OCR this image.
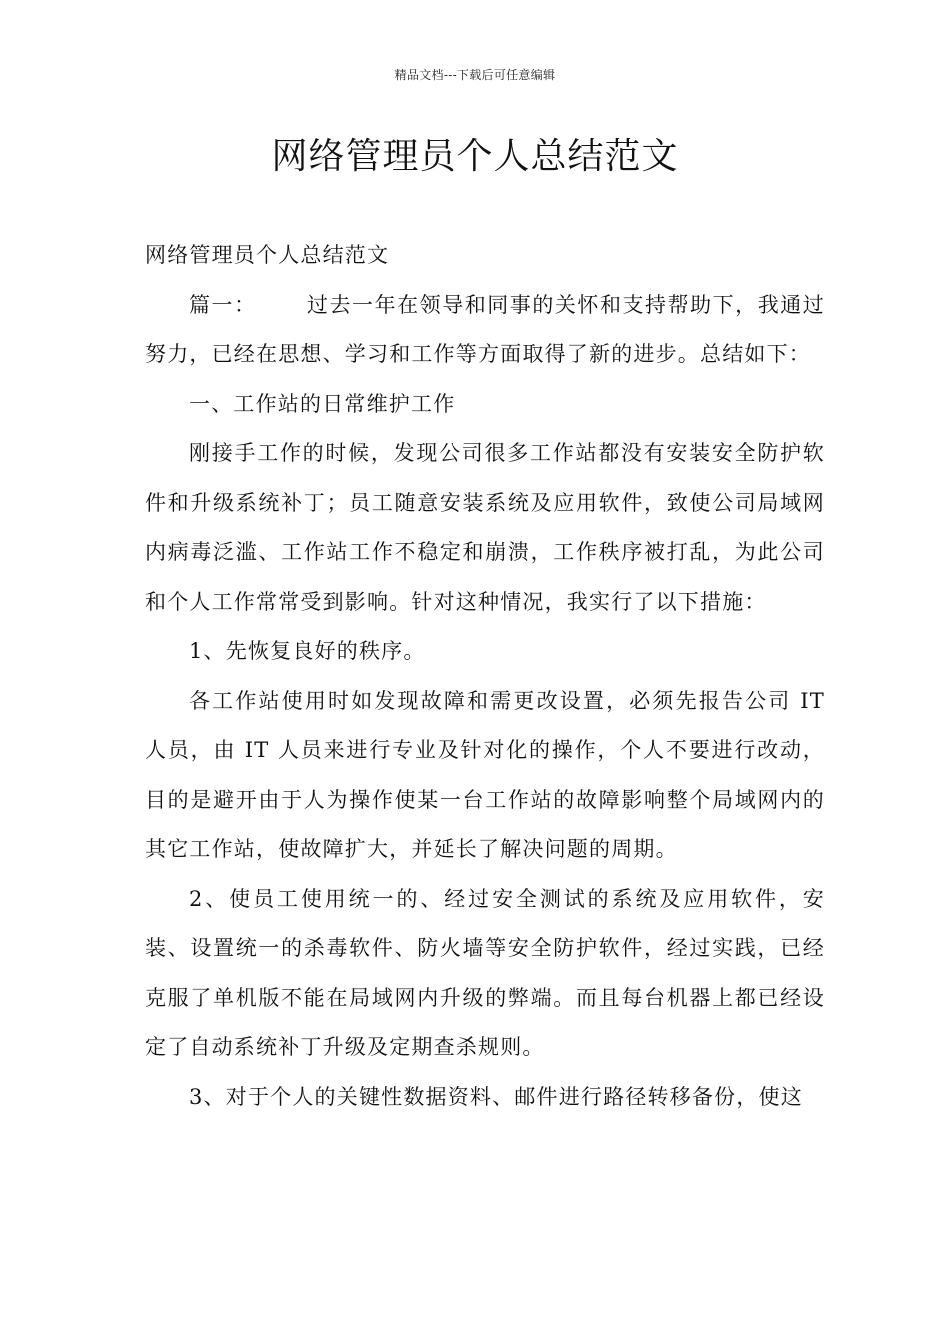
精品文档---下载后可任意编辑
网络管理员个人总结范文

网络管理员个人总结范文

篇一： 过去一年在领导和同事的关怀和支持帮助下，我通过努力，已经在思想、学习和工作等方面取得了新的进步。总结如下：

一、工作站的日常维护工作

刚接手工作的时候，发现公司很多工作站都没有安装安全防护软件和升级系统补丁；员工随意安装系统及应用软件，致使公司局域网内病毒泛滥、工作站工作不稳定和崩溃，工作秩序被打乱，为此公司和个人工作常常受到影响。针对这种情况，我实行了以下措施：

1、先恢复良好的秩序。

各工作站使用时如发现故障和需更改设置，必须先报告公司 IT 人员，由 IT 人员来进行专业及针对化的操作，个人不要进行改动，目的是避开由于人为操作使某一台工作站的故障影响整个局域网内的其它工作站，使故障扩大，并延长了解决问题的周期。

2、使员工使用统一的、经过安全测试的系统及应用软件，安装、设置统一的杀毒软件、防火墙等安全防护软件，经过实践，已经克服了单机版不能在局域网内升级的弊端。而且每台机器上都已经设定了自动系统补丁升级及定期查杀规则。

3、对于个人的关键性数据资料、邮件进行路径转移备份，使这
